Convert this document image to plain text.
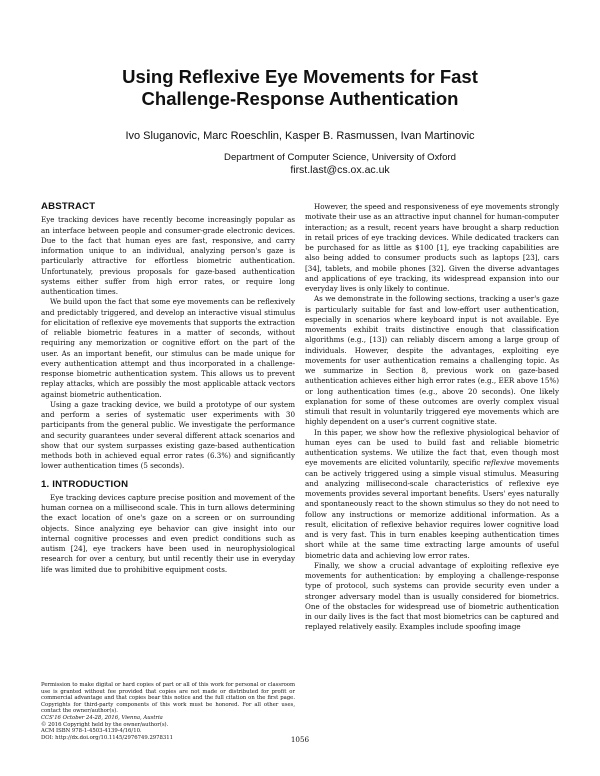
Using Reflexive Eye Movements for Fast
Challenge-Response Authentication
Ivo Sluganovic, Marc Roeschlin, Kasper B. Rasmussen, Ivan Martinovic
Department of Computer Science, University of Oxford
first.last@cs.ox.ac.uk
ABSTRACT

Eye tracking devices have recently become increasingly popular as an interface between people and consumer-grade electronic devices. Due to the fact that human eyes are fast, responsive, and carry information unique to an individual, analyzing person's gaze is particularly attractive for effortless biometric authentication. Unfortunately, previous proposals for gaze-based authentication systems either suffer from high error rates, or require long authentication times.

We build upon the fact that some eye movements can be reflexively and predictably triggered, and develop an interactive visual stimulus for elicitation of reflexive eye movements that supports the extraction of reliable biometric features in a matter of seconds, without requiring any memorization or cognitive effort on the part of the user. As an important benefit, our stimulus can be made unique for every authentication attempt and thus incorporated in a challenge-response biometric authentication system. This allows us to prevent replay attacks, which are possibly the most applicable attack vectors against biometric authentication.

Using a gaze tracking device, we build a prototype of our system and perform a series of systematic user experiments with 30 participants from the general public. We investigate the performance and security guarantees under several different attack scenarios and show that our system surpasses existing gaze-based authentication methods both in achieved equal error rates (6.3%) and significantly lower authentication times (5 seconds).

1. INTRODUCTION

Eye tracking devices capture precise position and movement of the human cornea on a millisecond scale. This in turn allows determining the exact location of one's gaze on a screen or on surrounding objects. Since analyzing eye behavior can give insight into our internal cognitive processes and even predict conditions such as autism [24], eye trackers have been used in neurophysiological research for over a century, but until recently their use in everyday life was limited due to prohibitive equipment costs.

Permission to make digital or hard copies of part or all of this work for personal or classroom use is granted without fee provided that copies are not made or distributed for profit or commercial advantage and that copies bear this notice and the full citation on the first page. Copyrights for third-party components of this work must be honored. For all other uses, contact the owner/author(s).

CCS'16 October 24-28, 2016, Vienna, Austria

© 2016 Copyright held by the owner/author(s).

ACM ISBN 978-1-4503-4139-4/16/10.

DOI: http://dx.doi.org/10.1145/2976749.2978311

However, the speed and responsiveness of eye movements strongly motivate their use as an attractive input channel for human-computer interaction; as a result, recent years have brought a sharp reduction in retail prices of eye tracking devices. While dedicated trackers can be purchased for as little as $100 [1], eye tracking capabilities are also being added to consumer products such as laptops [23], cars [34], tablets, and mobile phones [32]. Given the diverse advantages and applications of eye tracking, its widespread expansion into our everyday lives is only likely to continue.

As we demonstrate in the following sections, tracking a user's gaze is particularly suitable for fast and low-effort user authentication, especially in scenarios where keyboard input is not available. Eye movements exhibit traits distinctive enough that classification algorithms (e.g., [13]) can reliably discern among a large group of individuals. However, despite the advantages, exploiting eye movements for user authentication remains a challenging topic. As we summarize in Section 8, previous work on gaze-based authentication achieves either high error rates (e.g., EER above 15%) or long authentication times (e.g., above 20 seconds). One likely explanation for some of these outcomes are overly complex visual stimuli that result in voluntarily triggered eye movements which are highly dependent on a user's current cognitive state.

In this paper, we show how the reflexive physiological behavior of human eyes can be used to build fast and reliable biometric authentication systems. We utilize the fact that, even though most eye movements are elicited voluntarily, specific reflexive movements can be actively triggered using a simple visual stimulus. Measuring and analyzing millisecond-scale characteristics of reflexive eye movements provides several important benefits. Users' eyes naturally and spontaneously react to the shown stimulus so they do not need to follow any instructions or memorize additional information. As a result, elicitation of reflexive behavior requires lower cognitive load and is very fast. This in turn enables keeping authentication times short while at the same time extracting large amounts of useful biometric data and achieving low error rates.

Finally, we show a crucial advantage of exploiting reflexive eye movements for authentication: by employing a challenge-response type of protocol, such systems can provide security even under a stronger adversary model than is usually considered for biometrics. One of the obstacles for widespread use of biometric authentication in our daily lives is the fact that most biometrics can be captured and replayed relatively easily. Examples include spoofing image

1056
